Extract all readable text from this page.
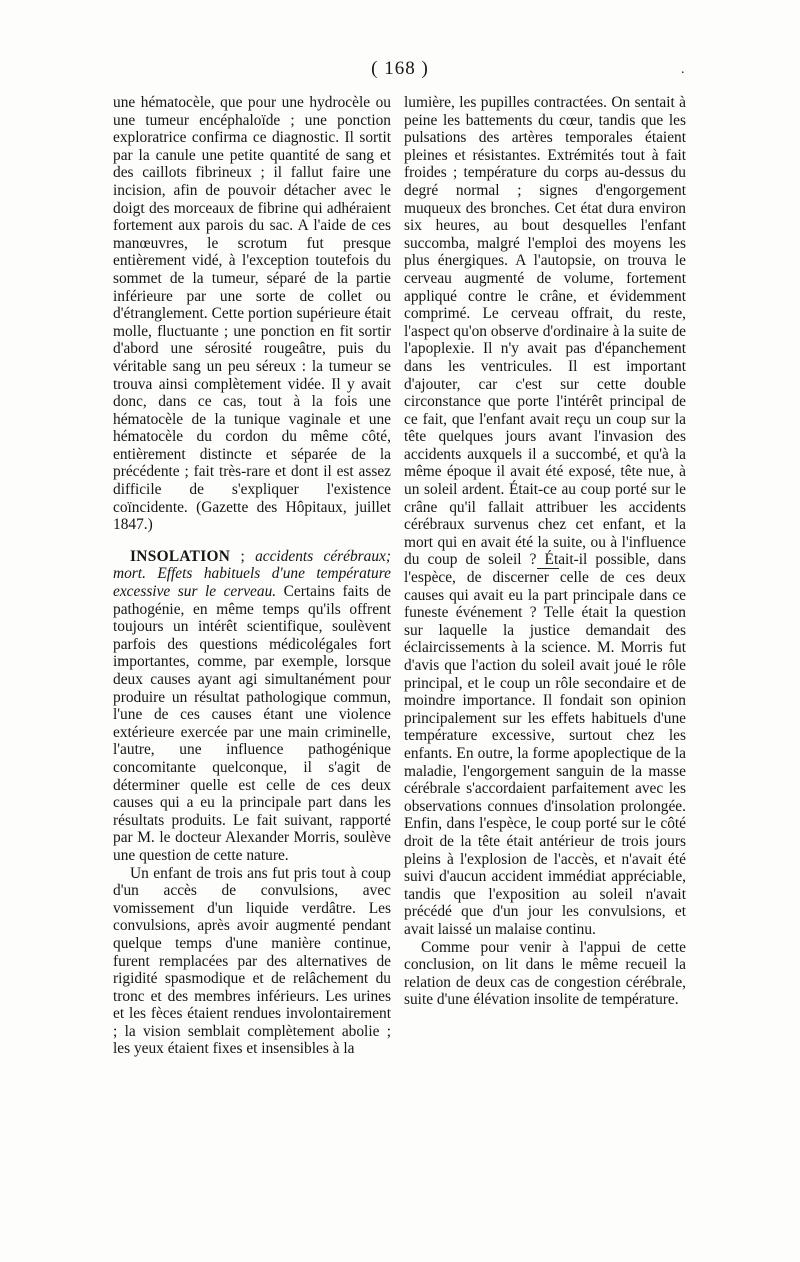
( 168 )	.

une hématocèle, que pour une hydrocèle ou une tumeur encéphaloïde ; une ponction exploratrice confirma ce diagnostic. Il sortit par la canule une petite quantité de sang et des caillots fibrineux ; il fallut faire une incision, afin de pouvoir détacher avec le doigt des morceaux de fibrine qui adhéraient fortement aux parois du sac. A l'aide de ces manœuvres, le scrotum fut presque entièrement vidé, à l'exception toutefois du sommet de la tumeur, séparé de la partie inférieure par une sorte de collet ou d'étranglement. Cette portion supérieure était molle, fluctuante ; une ponction en fit sortir d'abord une sérosité rougeâtre, puis du véritable sang un peu séreux : la tumeur se trouva ainsi complètement vidée. Il y avait donc, dans ce cas, tout à la fois une hématocèle de la tunique vaginale et une hématocèle du cordon du même côté, entièrement distincte et séparée de la précédente ; fait très-rare et dont il est assez difficile de s'expliquer l'existence coïncidente. (Gazette des Hôpitaux, juillet 1847.)

INSOLATION ; accidents cérébraux; mort. Effets habituels d'une température excessive sur le cerveau. Certains faits de pathogénie, en même temps qu'ils offrent toujours un intérêt scientifique, soulèvent parfois des questions médicolégales fort importantes, comme, par exemple, lorsque deux causes ayant agi simultanément pour produire un résultat pathologique commun, l'une de ces causes étant une violence extérieure exercée par une main criminelle, l'autre, une influence pathogénique concomitante quelconque, il s'agit de déterminer quelle est celle de ces deux causes qui a eu la principale part dans les résultats produits. Le fait suivant, rapporté par M. le docteur Alexander Morris, soulève une question de cette nature.

Un enfant de trois ans fut pris tout à coup d'un accès de convulsions, avec vomissement d'un liquide verdâtre. Les convulsions, après avoir augmenté pendant quelque temps d'une manière continue, furent remplacées par des alternatives de rigidité spasmodique et de relâchement du tronc et des membres inférieurs. Les urines et les fèces étaient rendues involontairement ; la vision semblait complètement abolie ; les yeux étaient fixes et insensibles à la

lumière, les pupilles contractées. On sentait à peine les battements du cœur, tandis que les pulsations des artères temporales étaient pleines et résistantes. Extrémités tout à fait froides ; température du corps au-dessus du degré normal ; signes d'engorgement muqueux des bronches. Cet état dura environ six heures, au bout desquelles l'enfant succomba, malgré l'emploi des moyens les plus énergiques. A l'autopsie, on trouva le cerveau augmenté de volume, fortement appliqué contre le crâne, et évidemment comprimé. Le cerveau offrait, du reste, l'aspect qu'on observe d'ordinaire à la suite de l'apoplexie. Il n'y avait pas d'épanchement dans les ventricules. Il est important d'ajouter, car c'est sur cette double circonstance que porte l'intérêt principal de ce fait, que l'enfant avait reçu un coup sur la tête quelques jours avant l'invasion des accidents auxquels il a succombé, et qu'à la même époque il avait été exposé, tête nue, à un soleil ardent. Était-ce au coup porté sur le crâne qu'il fallait attribuer les accidents cérébraux survenus chez cet enfant, et la mort qui en avait été la suite, ou à l'influence du coup de soleil ? Était-il possible, dans l'espèce, de discerner celle de ces deux causes qui avait eu la part principale dans ce funeste événement ? Telle était la question sur laquelle la justice demandait des éclaircissements à la science. M. Morris fut d'avis que l'action du soleil avait joué le rôle principal, et le coup un rôle secondaire et de moindre importance. Il fondait son opinion principalement sur les effets habituels d'une température excessive, surtout chez les enfants. En outre, la forme apoplectique de la maladie, l'engorgement sanguin de la masse cérébrale s'accordaient parfaitement avec les observations connues d'insolation prolongée. Enfin, dans l'espèce, le coup porté sur le côté droit de la tête était antérieur de trois jours pleins à l'explosion de l'accès, et n'avait été suivi d'aucun accident immédiat appréciable, tandis que l'exposition au soleil n'avait précédé que d'un jour les convulsions, et avait laissé un malaise continu.

Comme pour venir à l'appui de cette conclusion, on lit dans le même recueil la relation de deux cas de congestion cérébrale, suite d'une élévation insolite de température.
